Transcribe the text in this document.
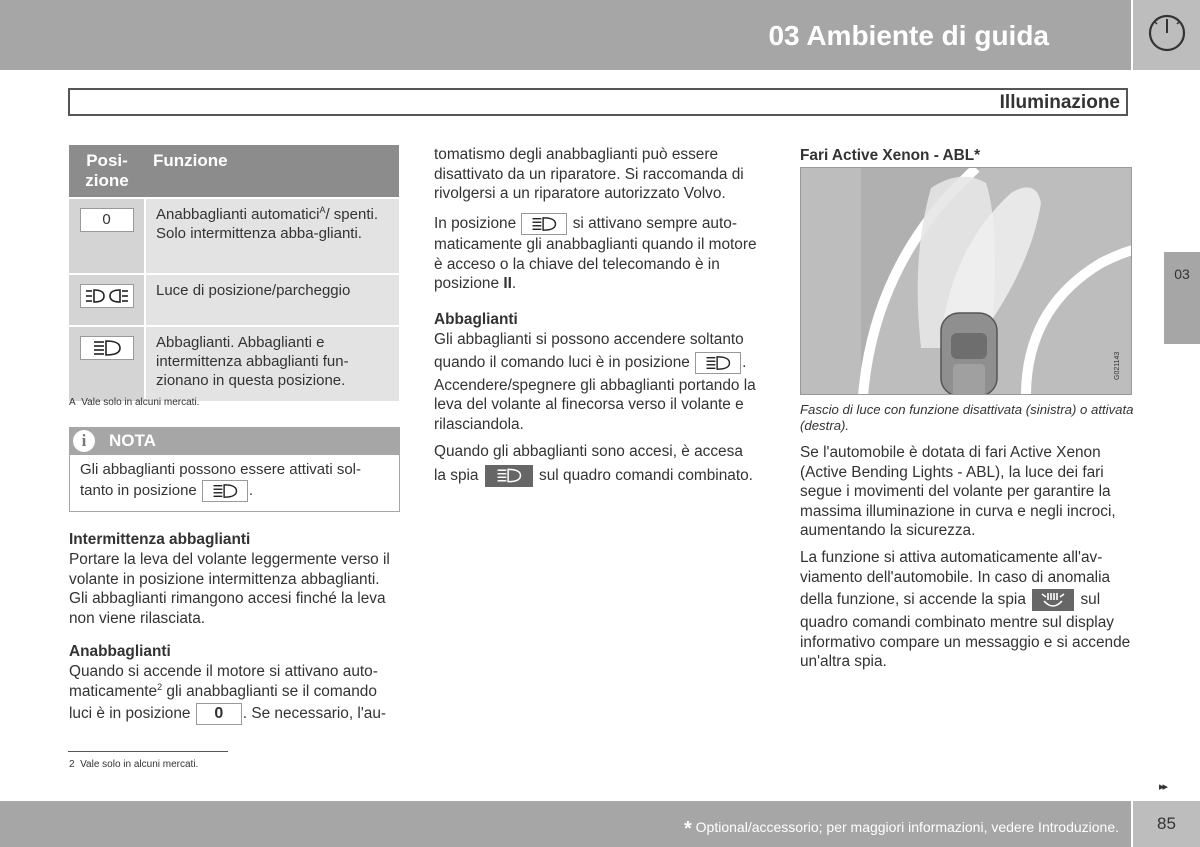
03 Ambiente di guida
Illuminazione
03
Posi-
zione	Funzione
0	Anabbaglianti automatici$^A$/ spenti. Solo intermittenza abba-glianti.

	Luce di posizione/parcheggio

	Abbaglianti. Abbaglianti e intermittenza abbaglianti fun-zionano in questa posizione.
A Vale solo in alcuni mercati.
i	NOTA
Gli abbaglianti possono essere attivati sol-tanto in posizione	.
Intermittenza abbaglianti
Portare la leva del volante leggermente verso il volante in posizione intermittenza abbaglianti. Gli abbaglianti rimangono accesi finché la leva non viene rilasciata.
Anabbaglianti
Quando si accende il motore si attivano auto-maticamente$^2$ gli anabbaglianti se il comando
luci è in posizione 0 . Se necessario, l'au-
2 Vale solo in alcuni mercati.
tomatismo degli anabbaglianti può essere disattivato da un riparatore. Si raccomanda di rivolgersi a un riparatore autorizzato Volvo.
In posizione	si attivano sempre auto-
maticamente gli anabbaglianti quando il motore è acceso o la chiave del telecomando è in posizione II.
Abbaglianti
Gli abbaglianti si possono accendere soltanto
quando il comando luci è in posizione	.
Accendere/spegnere gli abbaglianti portando la leva del volante al finecorsa verso il volante e rilasciandola.
Quando gli abbaglianti sono accesi, è accesa
la spia	sul quadro comandi combinato.
Fari Active Xenon - ABL*
G021143
Fascio di luce con funzione disattivata (sinistra) o attivata (destra).
Se l'automobile è dotata di fari Active Xenon (Active Bending Lights - ABL), la luce dei fari segue i movimenti del volante per garantire la massima illuminazione in curva e negli incroci, aumentando la sicurezza.
La funzione si attiva automaticamente all'av-viamento dell'automobile. In caso di anomalia
della funzione, si accende la spia	sul
quadro comandi combinato mentre sul display informativo compare un messaggio e si accende un'altra spia.
▸▸
* Optional/accessorio; per maggiori informazioni, vedere Introduzione.	85
